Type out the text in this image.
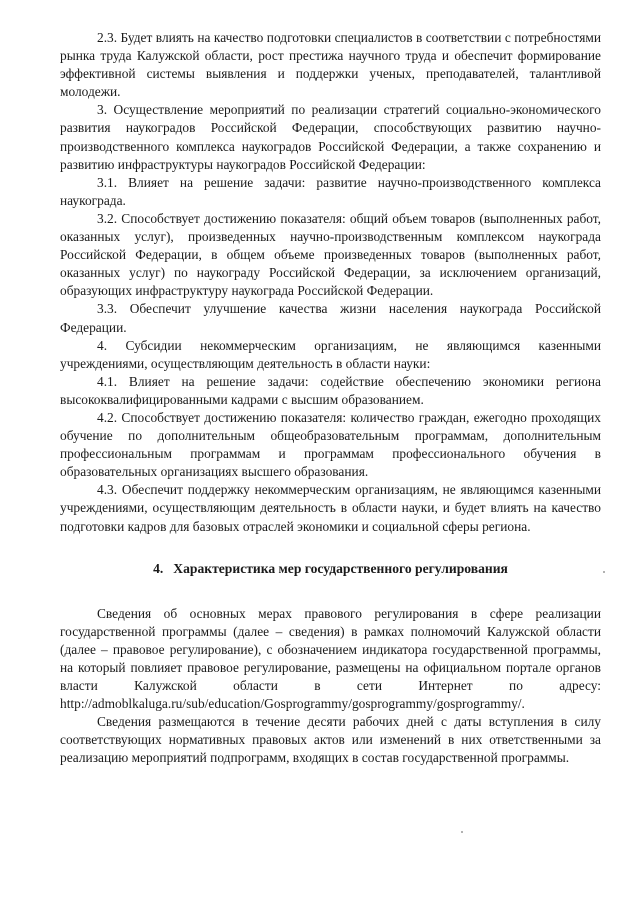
2.3. Будет влиять на качество подготовки специалистов в соответствии с потребностями рынка труда Калужской области, рост престижа научного труда и обеспечит формирование эффективной системы выявления и поддержки ученых, преподавателей, талантливой молодежи.

3. Осуществление мероприятий по реализации стратегий социально-экономического развития наукоградов Российской Федерации, способствующих развитию научно-производственного комплекса наукоградов Российской Федерации, а также сохранению и развитию инфраструктуры наукоградов Российской Федерации:

3.1. Влияет на решение задачи: развитие научно-производственного комплекса наукограда.

3.2. Способствует достижению показателя: общий объем товаров (выполненных работ, оказанных услуг), произведенных научно-производственным комплексом наукограда Российской Федерации, в общем объеме произведенных товаров (выполненных работ, оказанных услуг) по наукограду Российской Федерации, за исключением организаций, образующих инфраструктуру наукограда Российской Федерации.

3.3. Обеспечит улучшение качества жизни населения наукограда Российской Федерации.

4. Субсидии некоммерческим организациям, не являющимся казенными учреждениями, осуществляющим деятельность в области науки:

4.1. Влияет на решение задачи: содействие обеспечению экономики региона высококвалифицированными кадрами с высшим образованием.

4.2. Способствует достижению показателя: количество граждан, ежегодно проходящих обучение по дополнительным общеобразовательным программам, дополнительным профессиональным программам и программам профессионального обучения в образовательных организациях высшего образования.

4.3. Обеспечит поддержку некоммерческим организациям, не являющимся казенными учреждениями, осуществляющим деятельность в области науки, и будет влиять на качество подготовки кадров для базовых отраслей экономики и социальной сферы региона.

4. Характеристика мер государственного регулирования

Сведения об основных мерах правового регулирования в сфере реализации государственной программы (далее – сведения) в рамках полномочий Калужской области (далее – правовое регулирование), с обозначением индикатора государственной программы, на который повлияет правовое регулирование, размещены на официальном портале органов власти Калужской области в сети Интернет по адресу: http://admoblkaluga.ru/sub/education/Gosprogrammy/gosprogrammy/gosprogrammy/.

Сведения размещаются в течение десяти рабочих дней с даты вступления в силу соответствующих нормативных правовых актов или изменений в них ответственными за реализацию мероприятий подпрограмм, входящих в состав государственной программы.
